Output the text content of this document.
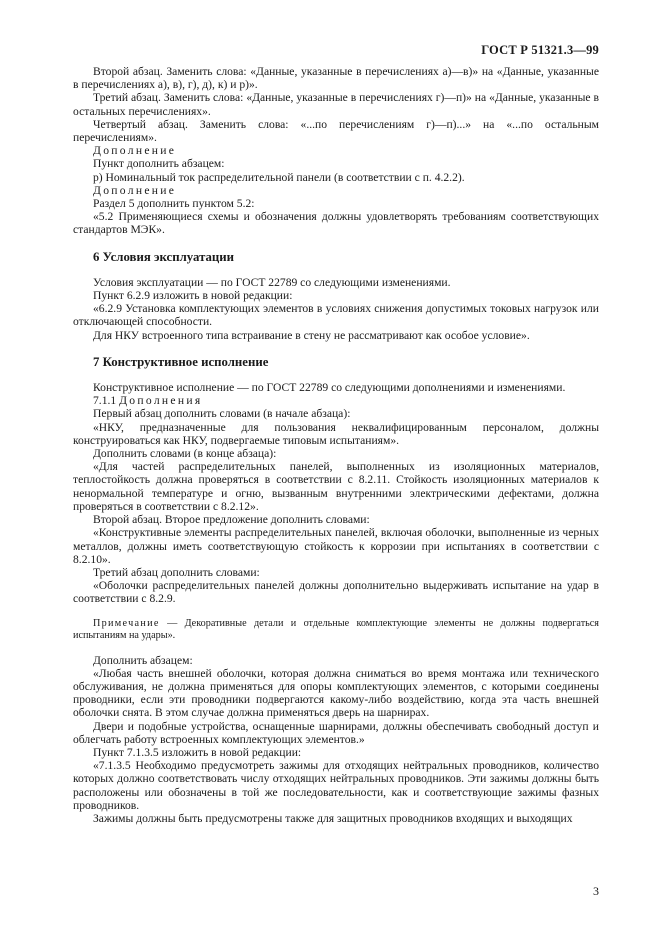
ГОСТ Р 51321.3—99

Второй абзац. Заменить слова: «Данные, указанные в перечислениях а)—в)» на «Данные, указанные в перечислениях а), в), г), д), к) и р)».

Третий абзац. Заменить слова: «Данные, указанные в перечислениях г)—п)» на «Данные, указанные в остальных перечислениях».

Четвертый абзац. Заменить слова: «...по перечислениям г)—п)...» на «...по остальным перечислениям».

Дополнение

Пункт дополнить абзацем:

р) Номинальный ток распределительной панели (в соответствии с п. 4.2.2).

Дополнение

Раздел 5 дополнить пунктом 5.2:

«5.2 Применяющиеся схемы и обозначения должны удовлетворять требованиям соответствующих стандартов МЭК».

6 Условия эксплуатации

Условия эксплуатации — по ГОСТ 22789 со следующими изменениями.

Пункт 6.2.9 изложить в новой редакции:

«6.2.9 Установка комплектующих элементов в условиях снижения допустимых токовых нагрузок или отключающей способности.

Для НКУ встроенного типа встраивание в стену не рассматривают как особое условие».

7 Конструктивное исполнение

Конструктивное исполнение — по ГОСТ 22789 со следующими дополнениями и изменениями.

7.1.1 Дополнения

Первый абзац дополнить словами (в начале абзаца):

«НКУ, предназначенные для пользования неквалифицированным персоналом, должны конструироваться как НКУ, подвергаемые типовым испытаниям».

Дополнить словами (в конце абзаца):

«Для частей распределительных панелей, выполненных из изоляционных материалов, теплостойкость должна проверяться в соответствии с 8.2.11. Стойкость изоляционных материалов к ненормальной температуре и огню, вызванным внутренними электрическими дефектами, должна проверяться в соответствии с 8.2.12».

Второй абзац. Второе предложение дополнить словами:

«Конструктивные элементы распределительных панелей, включая оболочки, выполненные из черных металлов, должны иметь соответствующую стойкость к коррозии при испытаниях в соответствии с 8.2.10».

Третий абзац дополнить словами:

«Оболочки распределительных панелей должны дополнительно выдерживать испытание на удар в соответствии с 8.2.9.

Примечание — Декоративные детали и отдельные комплектующие элементы не должны подвергаться испытаниям на удары».

Дополнить абзацем:

«Любая часть внешней оболочки, которая должна сниматься во время монтажа или технического обслуживания, не должна применяться для опоры комплектующих элементов, с которыми соединены проводники, если эти проводники подвергаются какому-либо воздействию, когда эта часть внешней оболочки снята. В этом случае должна применяться дверь на шарнирах.

Двери и подобные устройства, оснащенные шарнирами, должны обеспечивать свободный доступ и облегчать работу встроенных комплектующих элементов.»

Пункт 7.1.3.5 изложить в новой редакции:

«7.1.3.5 Необходимо предусмотреть зажимы для отходящих нейтральных проводников, количество которых должно соответствовать числу отходящих нейтральных проводников. Эти зажимы должны быть расположены или обозначены в той же последовательности, как и соответствующие зажимы фазных проводников.

Зажимы должны быть предусмотрены также для защитных проводников входящих и выходящих

3
